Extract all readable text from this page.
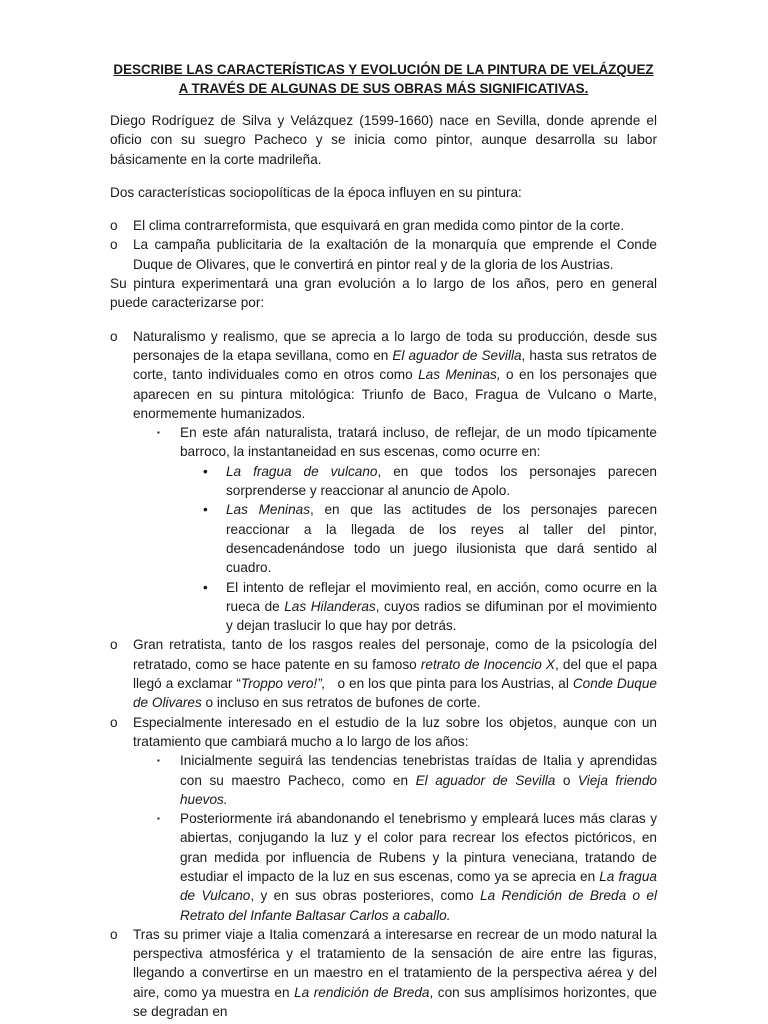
DESCRIBE LAS CARACTERÍSTICAS Y EVOLUCIÓN DE LA PINTURA DE VELÁZQUEZ A TRAVÉS DE ALGUNAS DE SUS OBRAS MÁS SIGNIFICATIVAS.

Diego Rodríguez de Silva y Velázquez (1599-1660) nace en Sevilla, donde aprende el oficio con su suegro Pacheco y se inicia como pintor, aunque desarrolla su labor básicamente en la corte madrileña.

Dos características sociopolíticas de la época influyen en su pintura:

o El clima contrarreformista, que esquivará en gran medida como pintor de la corte.
o La campaña publicitaria de la exaltación de la monarquía que emprende el Conde Duque de Olivares, que le convertirá en pintor real y de la gloria de los Austrias.

Su pintura experimentará una gran evolución a lo largo de los años, pero en general puede caracterizarse por:

o Naturalismo y realismo, que se aprecia a lo largo de toda su producción, desde sus personajes de la etapa sevillana, como en El aguador de Sevilla, hasta sus retratos de corte, tanto individuales como en otros como Las Meninas, o en los personajes que aparecen en su pintura mitológica: Triunfo de Baco, Fragua de Vulcano o Marte, enormemente humanizados.
▪ En este afán naturalista, tratará incluso, de reflejar, de un modo típicamente barroco, la instantaneidad en sus escenas, como ocurre en:
• La fragua de vulcano, en que todos los personajes parecen sorprenderse y reaccionar al anuncio de Apolo.
• Las Meninas, en que las actitudes de los personajes parecen reaccionar a la llegada de los reyes al taller del pintor, desencadenándose todo un juego ilusionista que dará sentido al cuadro.
• El intento de reflejar el movimiento real, en acción, como ocurre en la rueca de Las Hilanderas, cuyos radios se difuminan por el movimiento y dejan traslucir lo que hay por detrás.
o Gran retratista, tanto de los rasgos reales del personaje, como de la psicología del retratado, como se hace patente en su famoso retrato de Inocencio X, del que el papa llegó a exclamar “Troppo vero!”,   o en los que pinta para los Austrias, al Conde Duque de Olivares o incluso en sus retratos de bufones de corte.
o Especialmente interesado en el estudio de la luz sobre los objetos, aunque con un tratamiento que cambiará mucho a lo largo de los años:
▪ Inicialmente seguirá las tendencias tenebristas traídas de Italia y aprendidas con su maestro Pacheco, como en El aguador de Sevilla o Vieja friendo huevos.
▪ Posteriormente irá abandonando el tenebrismo y empleará luces más claras y abiertas, conjugando la luz y el color para recrear los efectos pictóricos, en gran medida por influencia de Rubens y la pintura veneciana, tratando de estudiar el impacto de la luz en sus escenas, como ya se aprecia en La fragua de Vulcano, y en sus obras posteriores, como La Rendición de Breda o el Retrato del Infante Baltasar Carlos a caballo.
o Tras su primer viaje a Italia comenzará a interesarse en recrear de un modo natural la perspectiva atmosférica y el tratamiento de la sensación de aire entre las figuras, llegando a convertirse en un maestro en el tratamiento de la perspectiva aérea y del aire, como ya muestra en La rendición de Breda, con sus amplísimos horizontes, que se degradan en
